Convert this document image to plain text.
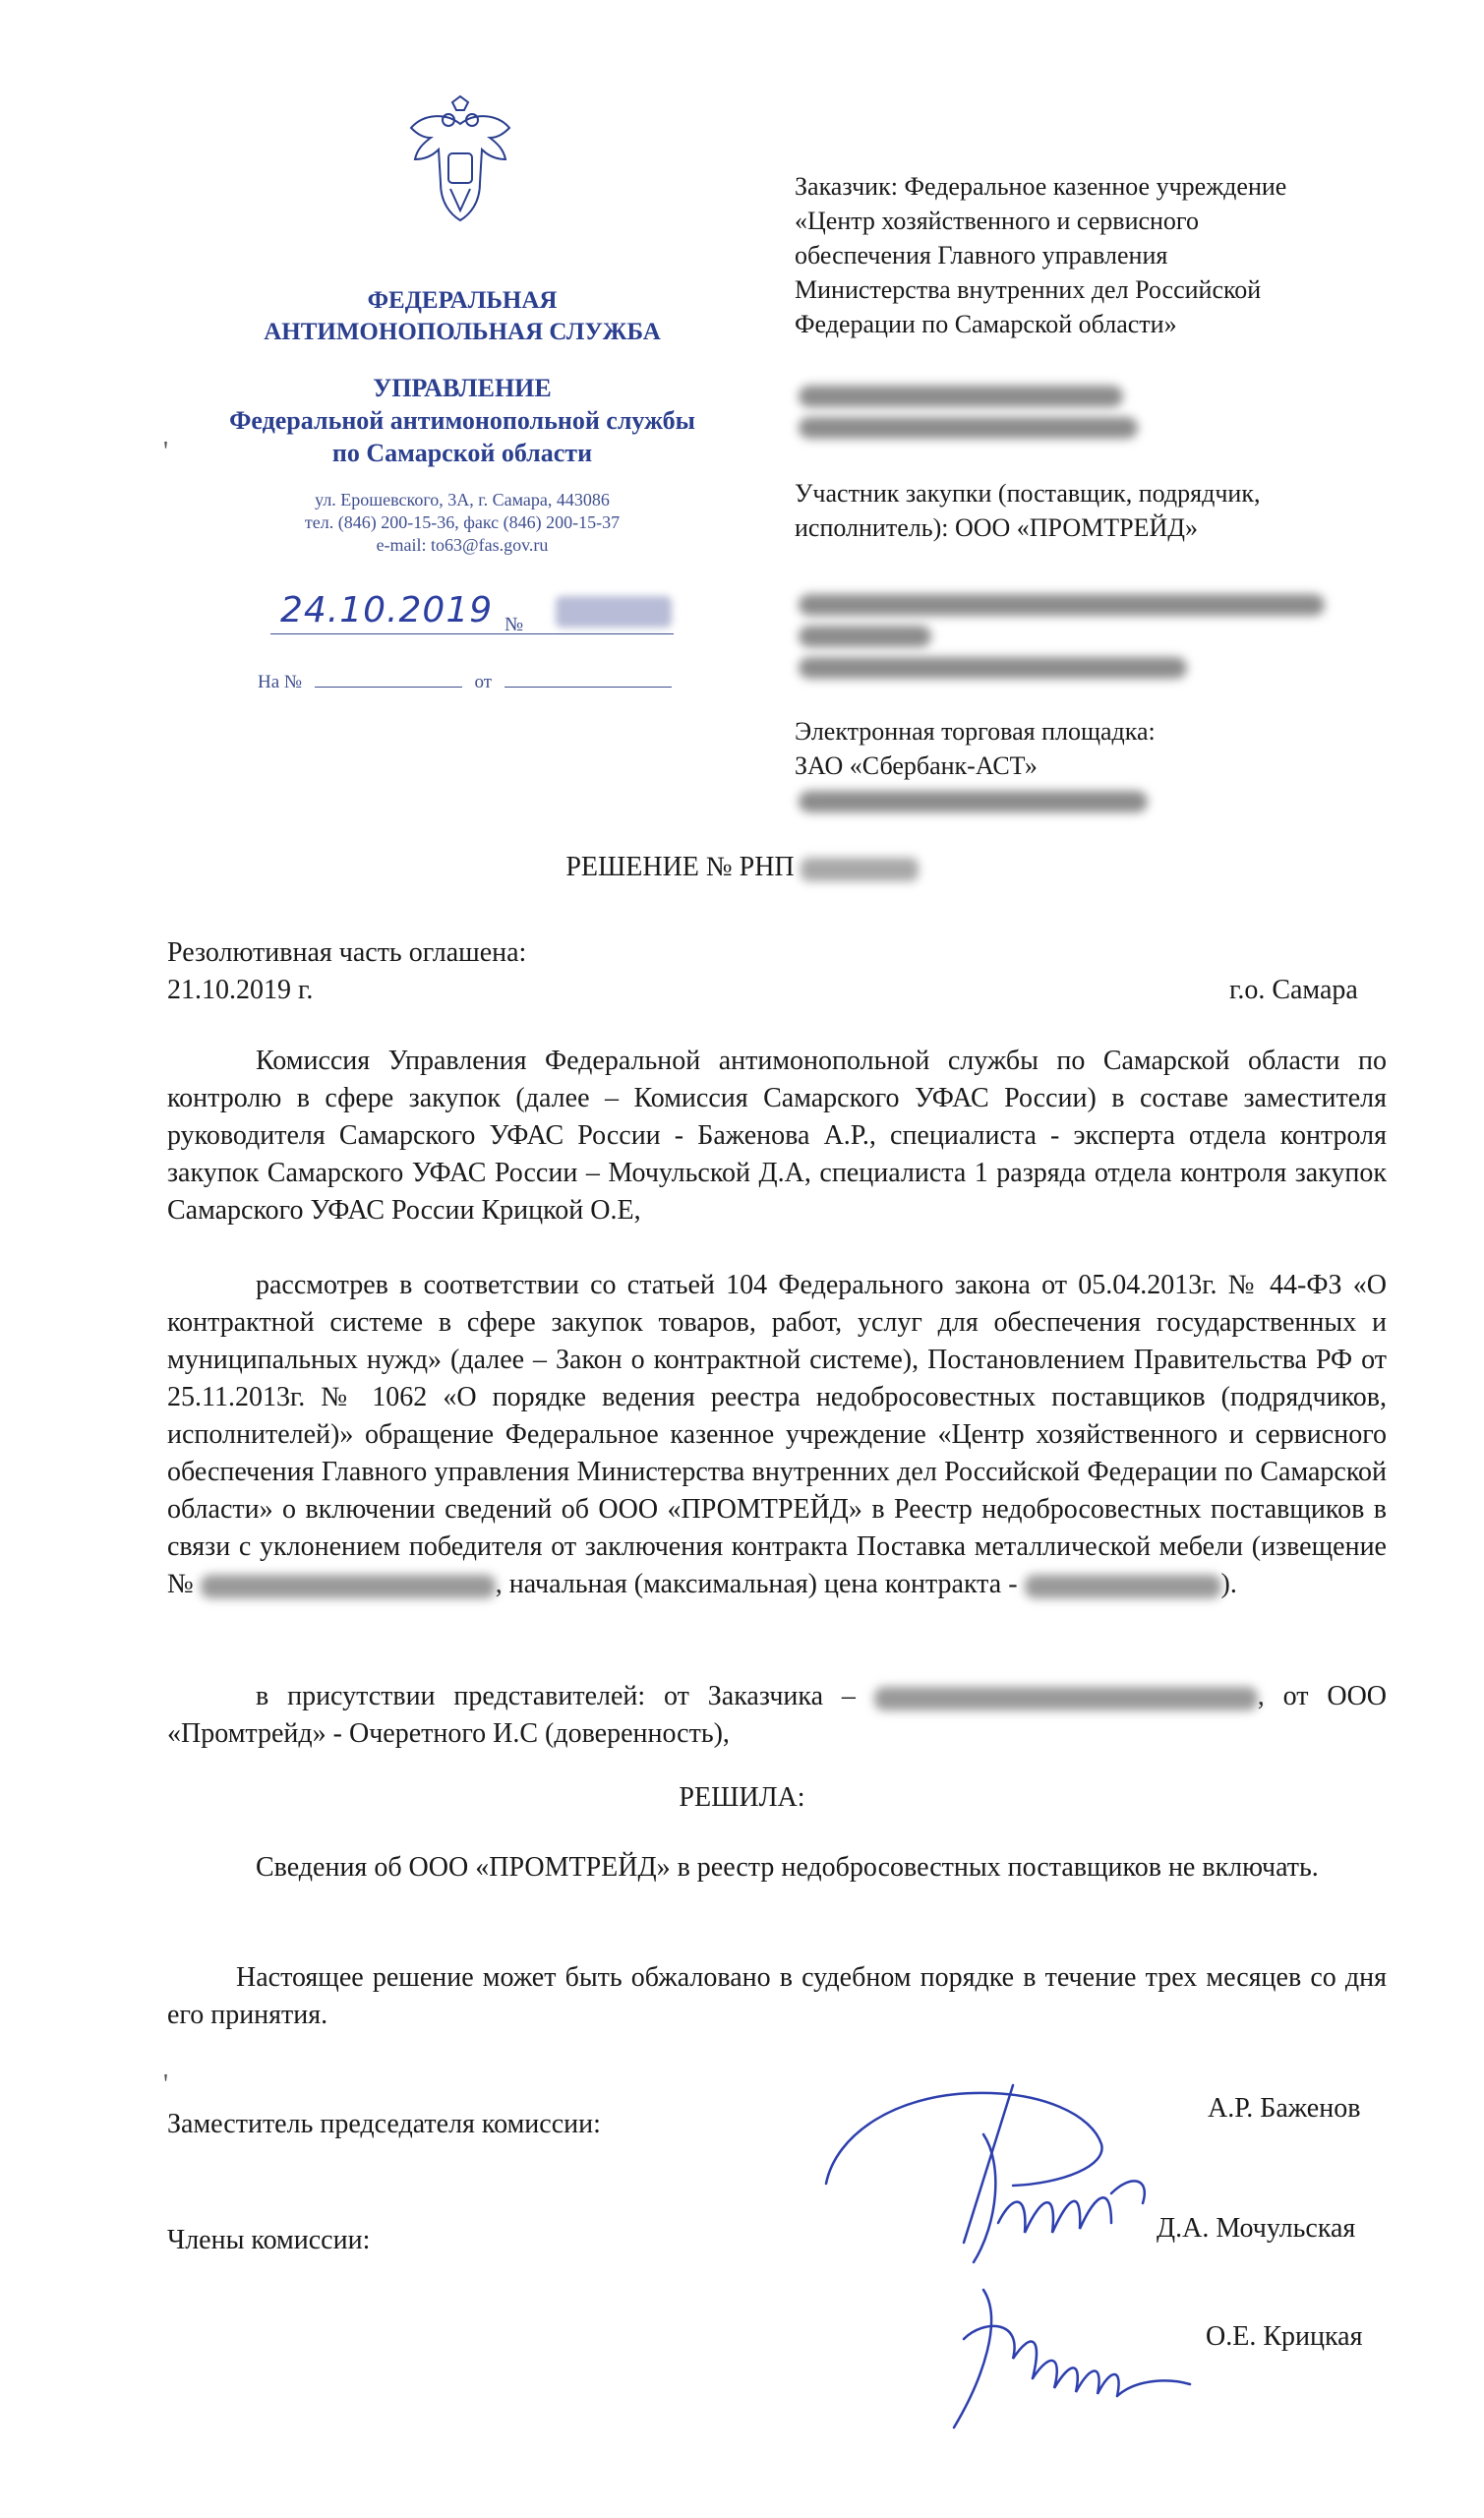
ФЕДЕРАЛЬНАЯ
АНТИМОНОПОЛЬНАЯ СЛУЖБА
УПРАВЛЕНИЕ
Федеральной антимонопольной службы
по Самарской области
ул. Ерошевского, 3А, г. Самара, 443086
тел. (846) 200-15-36, факс (846) 200-15-37
e-mail: to63@fas.gov.ru
24.10.2019 №
На №	от
Заказчик: Федеральное казенное учреждение
«Центр хозяйственного и сервисного
обеспечения Главного управления
Министерства внутренних дел Российской
Федерации по Самарской области»
Участник закупки (поставщик, подрядчик,
исполнитель): ООО «ПРОМТРЕЙД»
Электронная торговая площадка:
ЗАО «Сбербанк-АСТ»
РЕШЕНИЕ № РНП
Резолютивная часть оглашена:
21.10.2019 г.	г.о. Самара
Комиссия Управления Федеральной антимонопольной службы по Самарской области по контролю в сфере закупок (далее – Комиссия Самарского УФАС России) в составе заместителя руководителя Самарского УФАС России - Баженова А.Р., специалиста - эксперта отдела контроля закупок Самарского УФАС России – Мочульской Д.А, специалиста 1 разряда отдела контроля закупок Самарского УФАС России Крицкой О.Е,
рассмотрев в соответствии со статьей 104 Федерального закона от 05.04.2013г. № 44-ФЗ «О контрактной системе в сфере закупок товаров, работ, услуг для обеспечения государственных и муниципальных нужд» (далее – Закон о контрактной системе), Постановлением Правительства РФ от 25.11.2013г. № 1062 «О порядке ведения реестра недобросовестных поставщиков (подрядчиков, исполнителей)» обращение Федеральное казенное учреждение «Центр хозяйственного и сервисного обеспечения Главного управления Министерства внутренних дел Российской Федерации по Самарской области» о включении сведений об ООО «ПРОМТРЕЙД» в Реестр недобросовестных поставщиков в связи с уклонением победителя от заключения контракта Поставка металлической мебели (извещение №	, начальная (максимальная) цена контракта -	).
в присутствии представителей: от Заказчика –	, от ООО «Промтрейд» - Очеретного И.С (доверенность),
РЕШИЛА:
Сведения об ООО «ПРОМТРЕЙД» в реестр недобросовестных поставщиков не включать.
Настоящее решение может быть обжаловано в судебном порядке в течение трех месяцев со дня его принятия.
Заместитель председателя комиссии:
А.Р. Баженов
Члены комиссии:	Д.А. Мочульская
О.Е. Крицкая
'
'
